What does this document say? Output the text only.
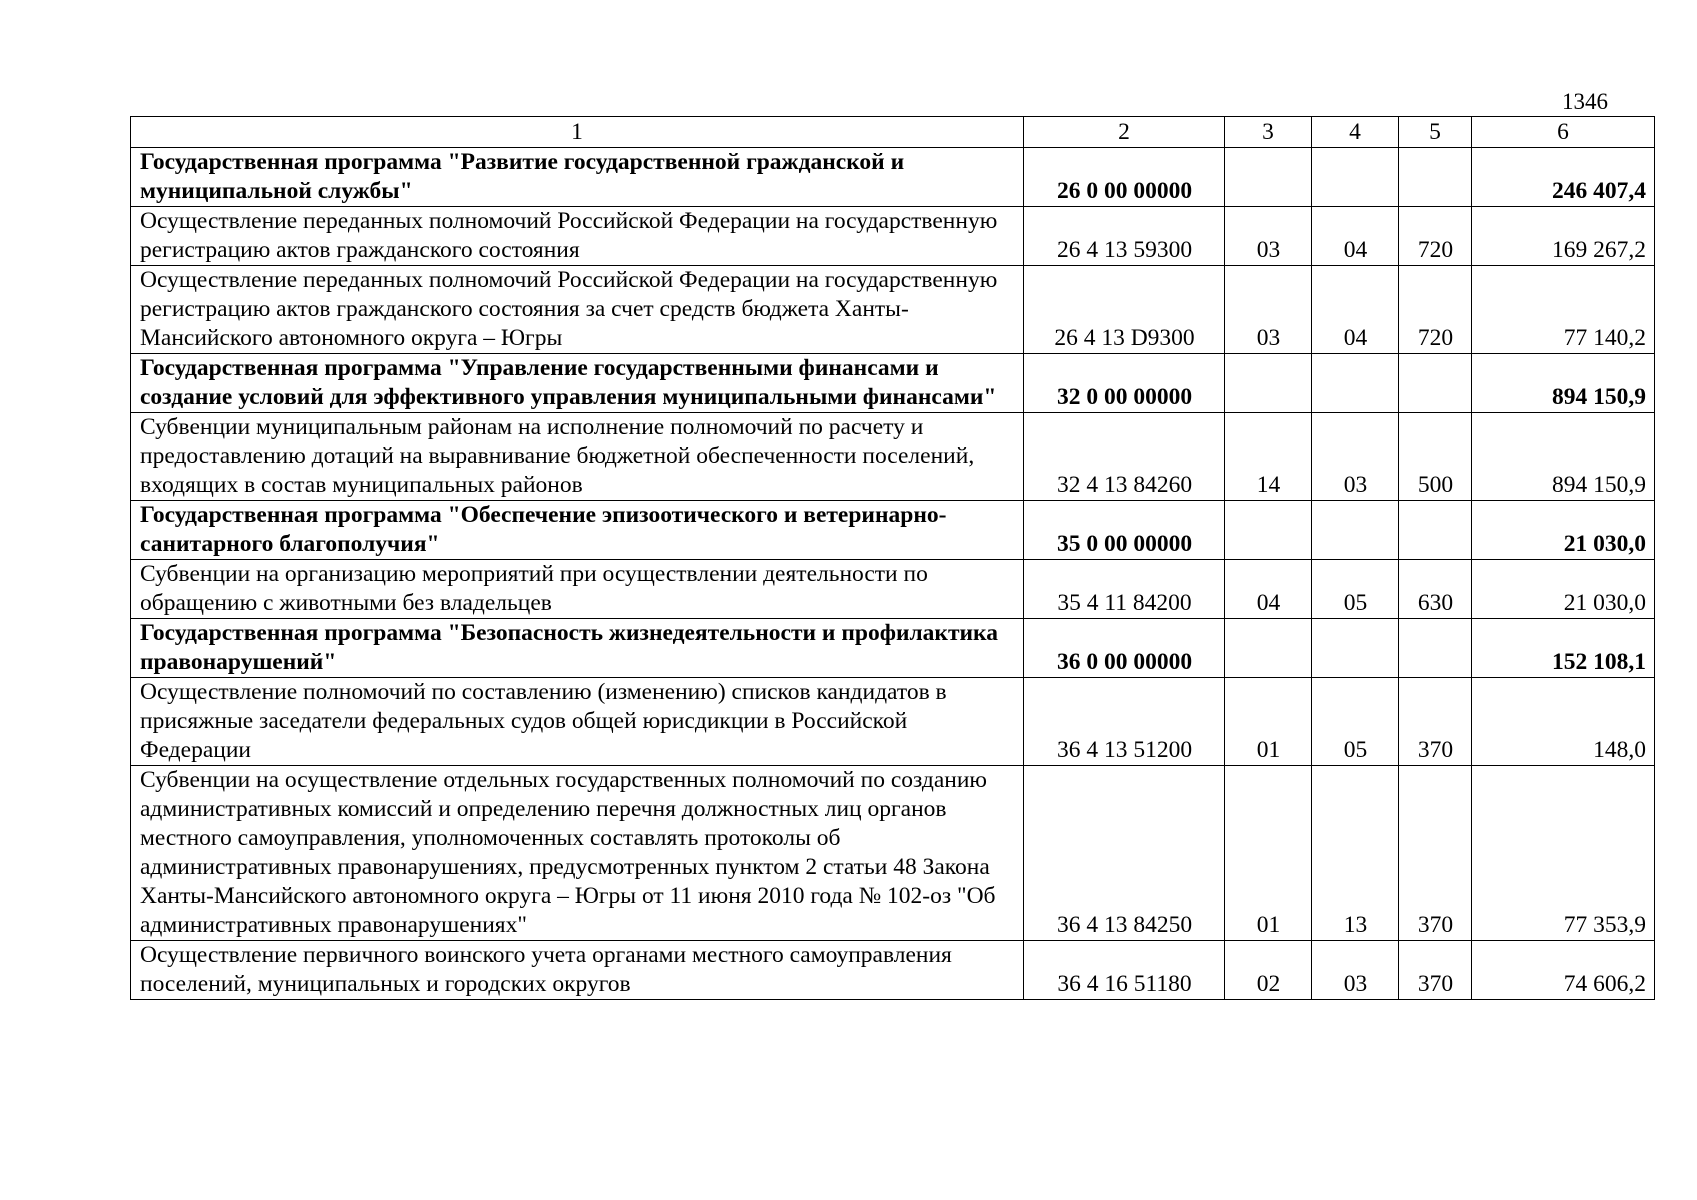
1346
1	2	3	4	5	6
Государственная программа "Развитие государственной гражданской и муниципальной службы"	26 0 00 00000				246 407,4
Осуществление переданных полномочий Российской Федерации на государственную регистрацию актов гражданского состояния	26 4 13 59300	03	04	720	169 267,2
Осуществление переданных полномочий Российской Федерации на государственную регистрацию актов гражданского состояния за счет средств бюджета Ханты-Мансийского автономного округа – Югры	26 4 13 D9300	03	04	720	77 140,2
Государственная программа "Управление государственными финансами и создание условий для эффективного управления муниципальными финансами"	32 0 00 00000				894 150,9
Субвенции муниципальным районам на исполнение полномочий по расчету и предоставлению дотаций на выравнивание бюджетной обеспеченности поселений, входящих в состав муниципальных районов	32 4 13 84260	14	03	500	894 150,9
Государственная программа "Обеспечение эпизоотического и ветеринарно-санитарного благополучия"	35 0 00 00000				21 030,0
Субвенции на организацию мероприятий при осуществлении деятельности по обращению с животными без владельцев	35 4 11 84200	04	05	630	21 030,0
Государственная программа "Безопасность жизнедеятельности и профилактика правонарушений"	36 0 00 00000				152 108,1
Осуществление полномочий по составлению (изменению) списков кандидатов в присяжные заседатели федеральных судов общей юрисдикции в Российской Федерации	36 4 13 51200	01	05	370	148,0
Субвенции на осуществление отдельных государственных полномочий по созданию административных комиссий и определению перечня должностных лиц органов местного самоуправления, уполномоченных составлять протоколы об административных правонарушениях, предусмотренных пунктом 2 статьи 48 Закона Ханты-Мансийского автономного округа – Югры от 11 июня 2010 года № 102-оз "Об административных правонарушениях"	36 4 13 84250	01	13	370	77 353,9
Осуществление первичного воинского учета органами местного самоуправления поселений, муниципальных и городских округов	36 4 16 51180	02	03	370	74 606,2
